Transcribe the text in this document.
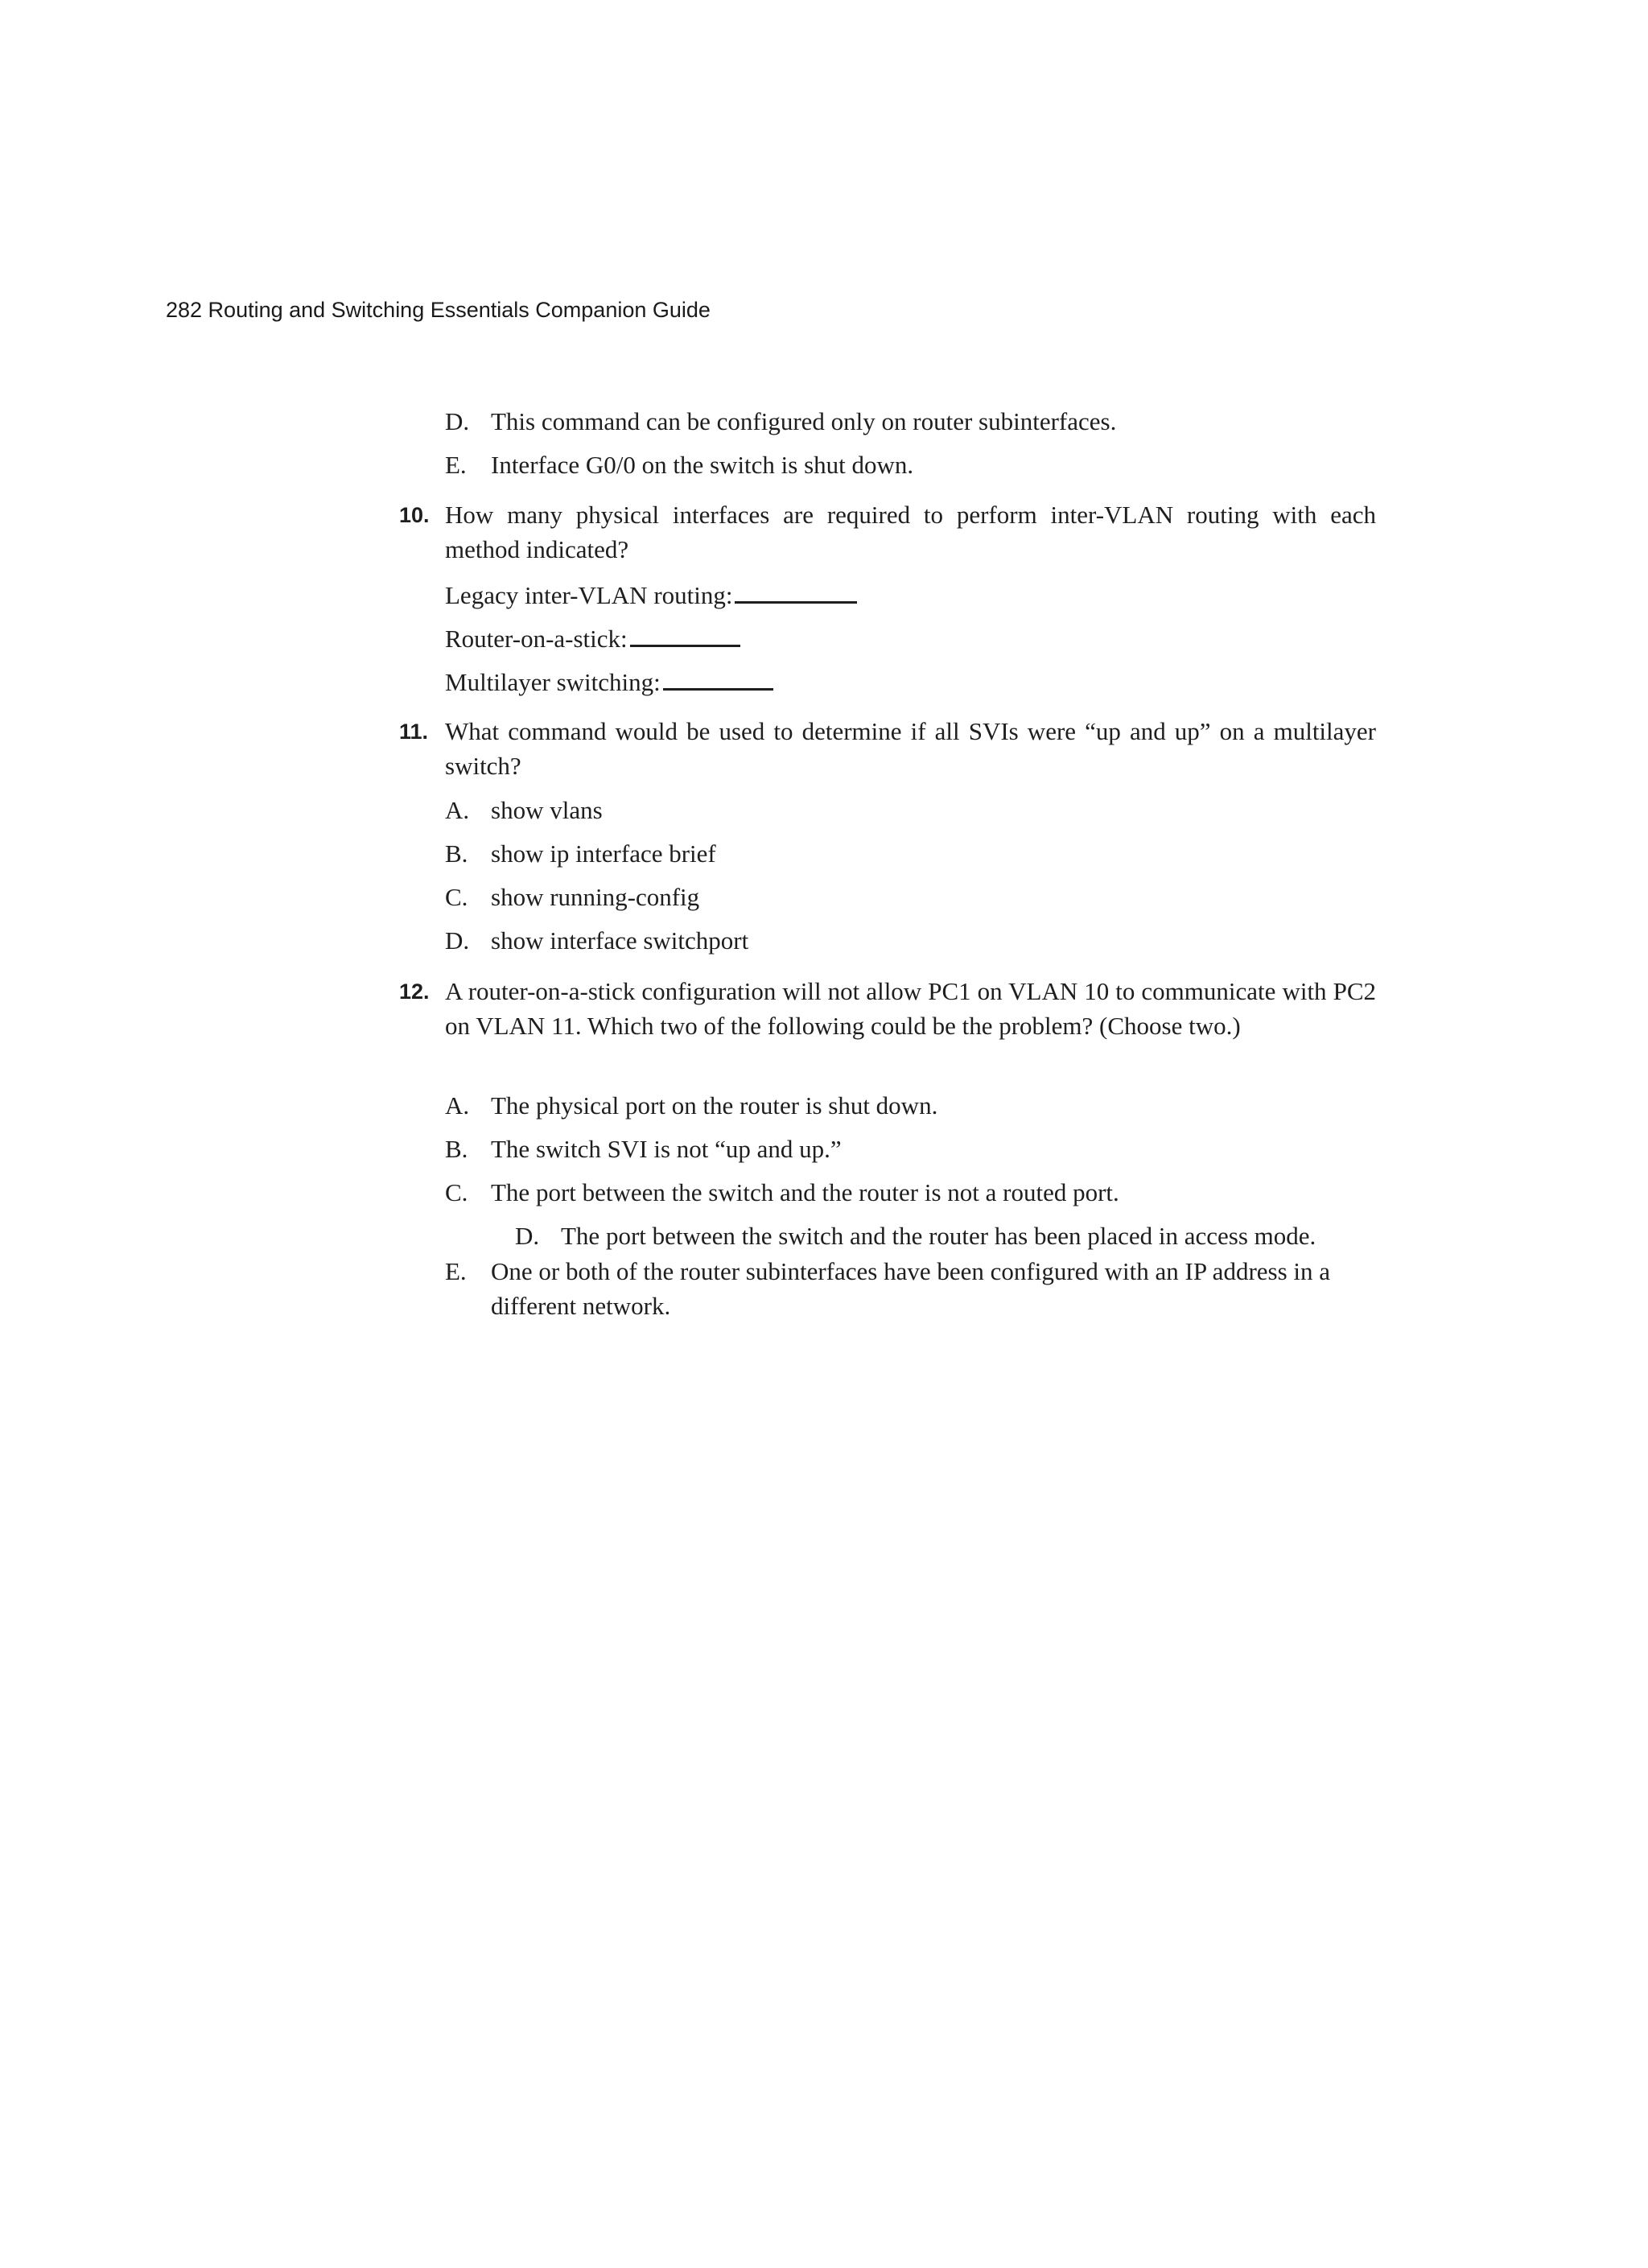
282 Routing and Switching Essentials Companion Guide
D. This command can be configured only on router subinterfaces.
E. Interface G0/0 on the switch is shut down.
10. How many physical interfaces are required to perform inter-VLAN routing with each method indicated?
Legacy inter-VLAN routing:
Router-on-a-stick:
Multilayer switching:
11. What command would be used to determine if all SVIs were “up and up” on a multilayer switch?
A. show vlans
B. show ip interface brief
C. show running-config
D. show interface switchport
12. A router-on-a-stick configuration will not allow PC1 on VLAN 10 to communicate with PC2 on VLAN 11. Which two of the following could be the problem? (Choose two.)
A. The physical port on the router is shut down.
B. The switch SVI is not “up and up.”
C. The port between the switch and the router is not a routed port.
D. The port between the switch and the router has been placed in access mode.
E. One or both of the router subinterfaces have been configured with an IP address in a different network.
